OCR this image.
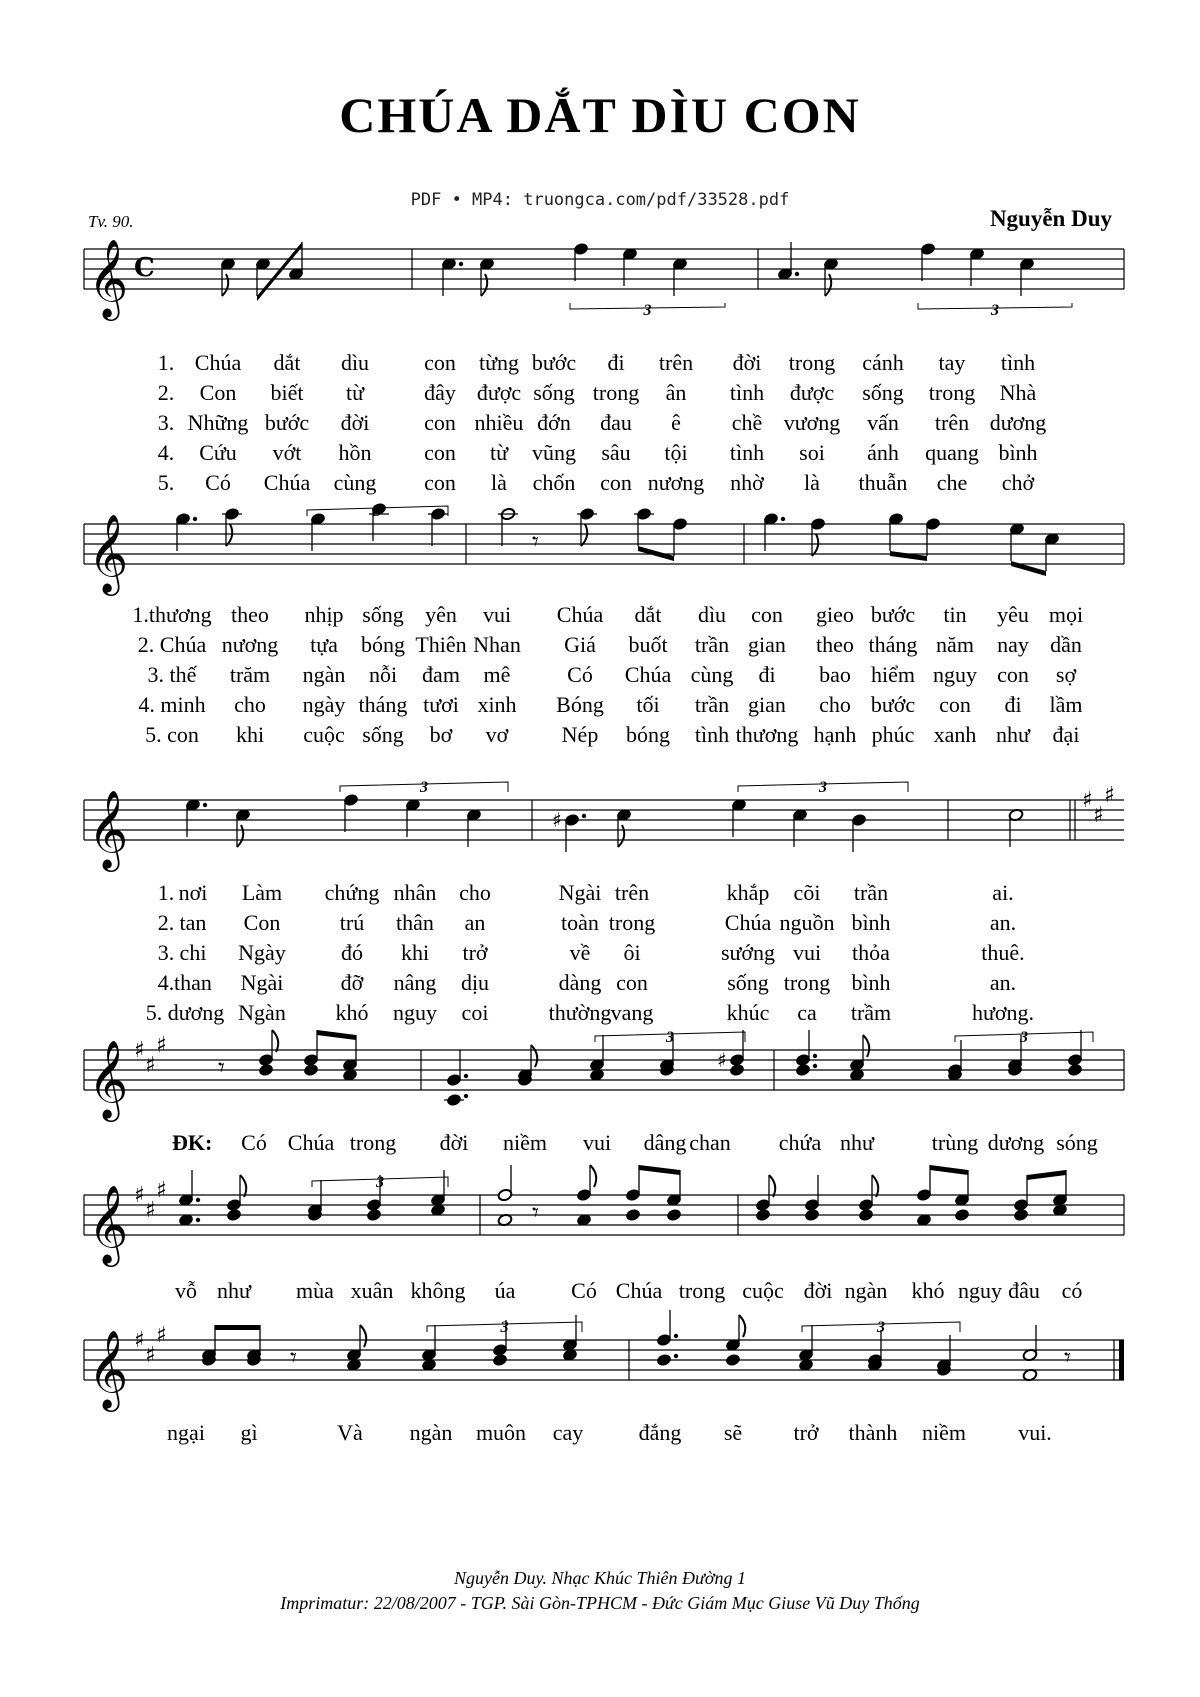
CHÚA DẮT DÌU CON
PDF • MP4: truongca.com/pdf/33528.pdf
Tv. 90.	Nguyễn Duy
𝄞 C
3	3
𝄞	𝄾
3
𝄞	♯
♯
♯
♯
3	3
𝄞 ♯
♯
♯
𝄾	♯
3	3
𝄞 ♯
♯
♯
𝄾
3
𝄞 ♯
♯
♯
𝄾	𝄾
3	3
Nguyễn Duy. Nhạc Khúc Thiên Đường 1
Imprimatur: 22/08/2007 - TGP. Sài Gòn-TPHCM - Đức Giám Mục Giuse Vũ Duy Thống
1. Chúa dắt dìu	con từng bước đi trên đời trong cánh tay tình
2. Con biết từ	đây được sống trong ân tình được sống trong Nhà
3. Những bước đời con nhiều đớn đau ê chề vương vấn trên dương
4. Cứu vớt hồn con từ vũng sâu tội tình soi ánh quang bình
5. Có Chúa cùng con là chốn con nương nhờ là thuẫn che chở
1.thương theo nhịp sống yên vui Chúa dắt dìu con gieo bước tin yêu mọi
2. Chúa nương tựa bóng Thiên Nhan Giá buốt trần gian theo tháng năm nay dần
3. thế trăm ngàn nỗi đam mê	Có Chúa cùng đi bao hiểm nguy con sợ
4. minh cho ngày tháng tươi xinh Bóng tối trần gian cho bước con đi lầm
5. con khi cuộc sống bơ vơ Nép bóng tình thương hạnh phúc xanh như đại
1. nơi Làm chứng nhân cho	Ngài trên	khắp cõi trần	ai.
2. tan Con	trú thân an	toàn trong	Chúa nguồn bình	an.
3. chi Ngày	đó khi trở	về ôi	sướng vui thỏa	thuê.
4. than Ngài	đỡ nâng dịu	dàng con	sống trong bình	an.
5. dương Ngàn khó nguy coi	thường vang	khúc ca trầm	hương.
ĐK: Có Chúa trong đời niềm vui dâng chan chứa như	trùng dương sóng
vỗ như mùa xuân không úa	Có Chúa trong cuộc đời ngàn khó nguy đâu có
ngại gì	Và ngàn muôn cay	đắng sẽ trở thành niềm vui.
